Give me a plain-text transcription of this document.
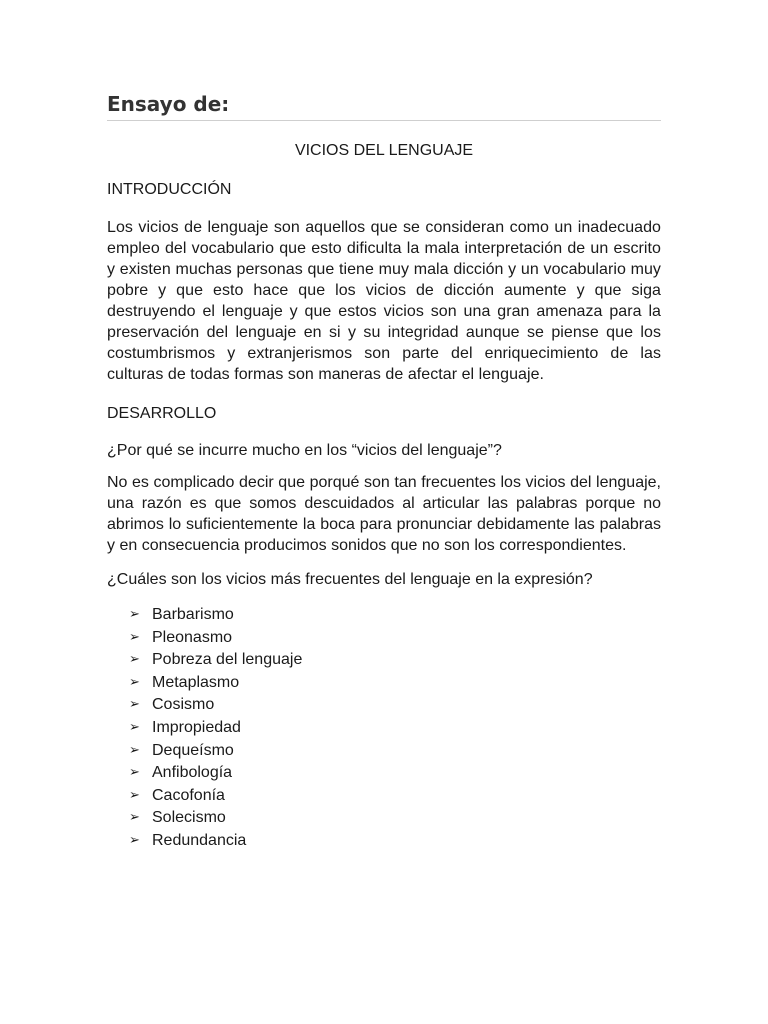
Ensayo de:

VICIOS DEL LENGUAJE

INTRODUCCIÓN

Los vicios de lenguaje son aquellos que se consideran como un inadecuado empleo del vocabulario que esto dificulta la mala interpretación de un escrito y existen muchas personas que tiene muy mala dicción y un vocabulario muy pobre y que esto hace que los vicios de dicción aumente y que siga destruyendo el lenguaje y que estos vicios son una gran amenaza para la preservación del lenguaje en si y su integridad aunque se piense que los costumbrismos y extranjerismos son parte del enriquecimiento de las culturas de todas formas son maneras de afectar el lenguaje.

DESARROLLO

¿Por qué se incurre mucho en los “vicios del lenguaje”?

No es complicado decir que porqué son tan frecuentes los vicios del lenguaje, una razón es que somos descuidados al articular las palabras porque no abrimos lo suficientemente la boca para pronunciar debidamente las palabras y en consecuencia producimos sonidos que no son los correspondientes.

¿Cuáles son los vicios más frecuentes del lenguaje en la expresión?

➢ Barbarismo
➢ Pleonasmo
➢ Pobreza del lenguaje
➢ Metaplasmo
➢ Cosismo
➢ Impropiedad
➢ Dequeísmo
➢ Anfibología
➢ Cacofonía
➢ Solecismo
➢ Redundancia
